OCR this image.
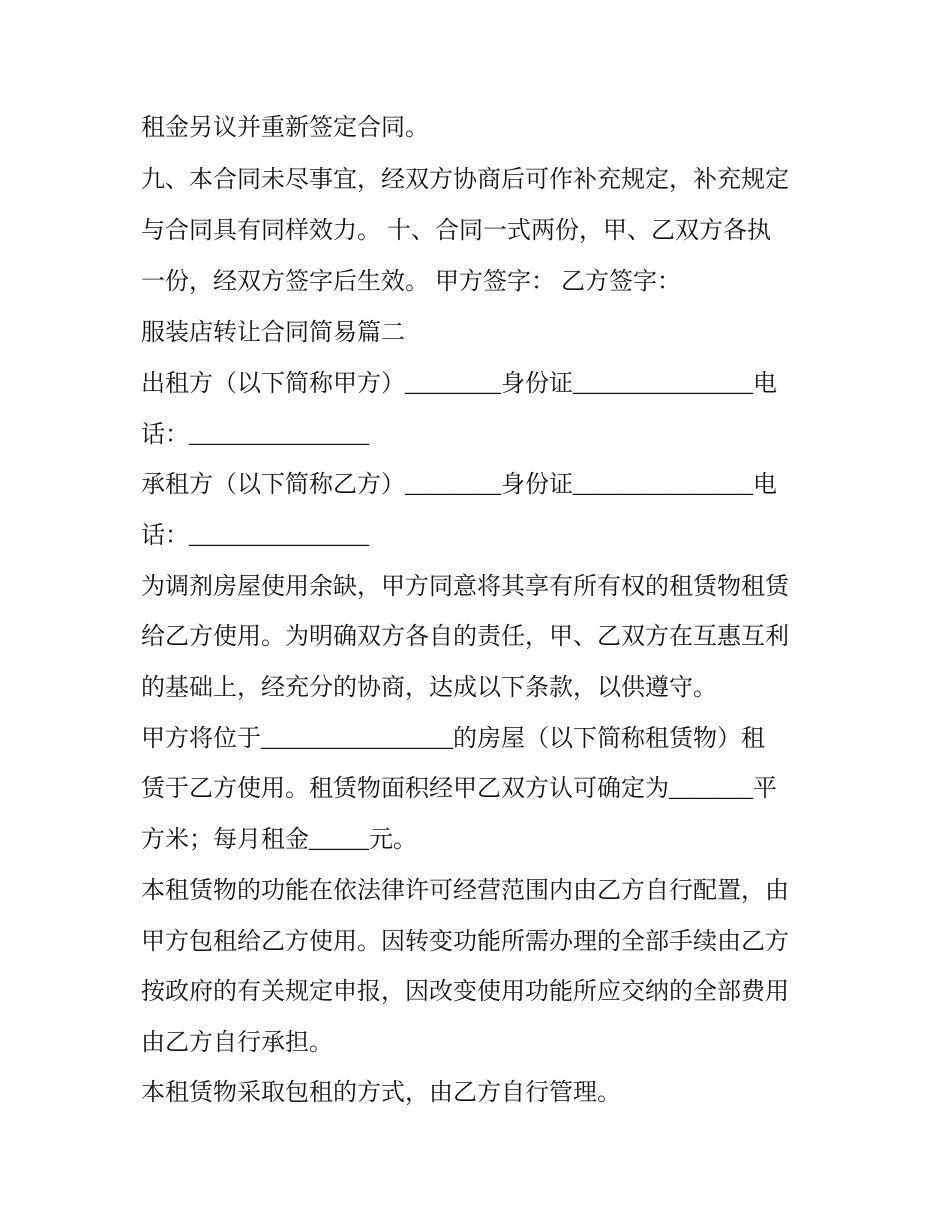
租金另议并重新签定合同。
九、本合同未尽事宜，经双方协商后可作补充规定，补充规定
与合同具有同样效力。 十、合同一式两份，甲、乙双方各执
一份，经双方签字后生效。 甲方签字： 乙方签字：
服装店转让合同简易篇二
出租方（以下简称甲方）________身份证_______________电
话：_______________
承租方（以下简称乙方）________身份证_______________电
话：_______________
为调剂房屋使用余缺，甲方同意将其享有所有权的租赁物租赁
给乙方使用。为明确双方各自的责任，甲、乙双方在互惠互利
的基础上，经充分的协商，达成以下条款，以供遵守。
甲方将位于________________的房屋（以下简称租赁物）租
赁于乙方使用。租赁物面积经甲乙双方认可确定为_______平
方米；每月租金_____元。
本租赁物的功能在依法律许可经营范围内由乙方自行配置，由
甲方包租给乙方使用。因转变功能所需办理的全部手续由乙方
按政府的有关规定申报，因改变使用功能所应交纳的全部费用
由乙方自行承担。
本租赁物采取包租的方式，由乙方自行管理。
